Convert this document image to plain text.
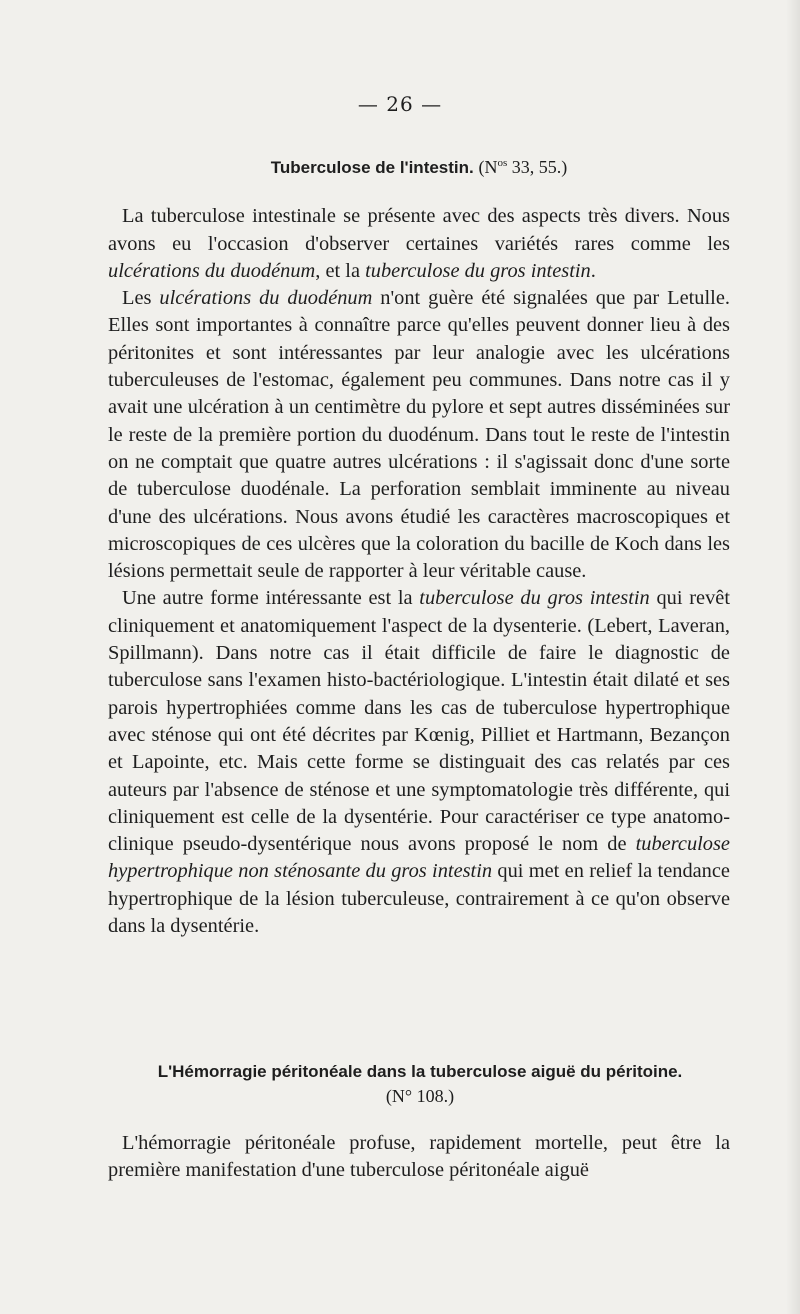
— 26 —
Tuberculose de l'intestin. ($N^{os}$ 33, 55.)

La tuberculose intestinale se présente avec des aspects très divers. Nous avons eu l'occasion d'observer certaines variétés rares comme les ulcérations du duodénum, et la tuberculose du gros intestin.

Les ulcérations du duodénum n'ont guère été signalées que par Letulle. Elles sont importantes à connaître parce qu'elles peuvent donner lieu à des péritonites et sont intéressantes par leur analogie avec les ulcérations tuberculeuses de l'estomac, également peu communes. Dans notre cas il y avait une ulcération à un centimètre du pylore et sept autres disséminées sur le reste de la première portion du duodénum. Dans tout le reste de l'intestin on ne comptait que quatre autres ulcérations : il s'agissait donc d'une sorte de tuberculose duodénale. La perforation semblait imminente au niveau d'une des ulcérations. Nous avons étudié les caractères macroscopiques et microscopiques de ces ulcères que la coloration du bacille de Koch dans les lésions permettait seule de rapporter à leur véritable cause.

Une autre forme intéressante est la tuberculose du gros intestin qui revêt cliniquement et anatomiquement l'aspect de la dysenterie. (Lebert, Laveran, Spillmann). Dans notre cas il était difficile de faire le diagnostic de tuberculose sans l'examen histo-bactériologique. L'intestin était dilaté et ses parois hypertrophiées comme dans les cas de tuberculose hypertrophique avec sténose qui ont été décrites par Kœnig, Pilliet et Hartmann, Bezançon et Lapointe, etc. Mais cette forme se distinguait des cas relatés par ces auteurs par l'absence de sténose et une symptomatologie très différente, qui cliniquement est celle de la dysentérie. Pour caractériser ce type anatomo-clinique pseudo-dysentérique nous avons proposé le nom de tuberculose hypertrophique non sténosante du gros intestin qui met en relief la tendance hypertrophique de la lésion tuberculeuse, contrairement à ce qu'on observe dans la dysentérie.

L'Hémorragie péritonéale dans la tuberculose aiguë du péritoine.
(N° 108.)

L'hémorragie péritonéale profuse, rapidement mortelle, peut être la première manifestation d'une tuberculose péritonéale aiguë
